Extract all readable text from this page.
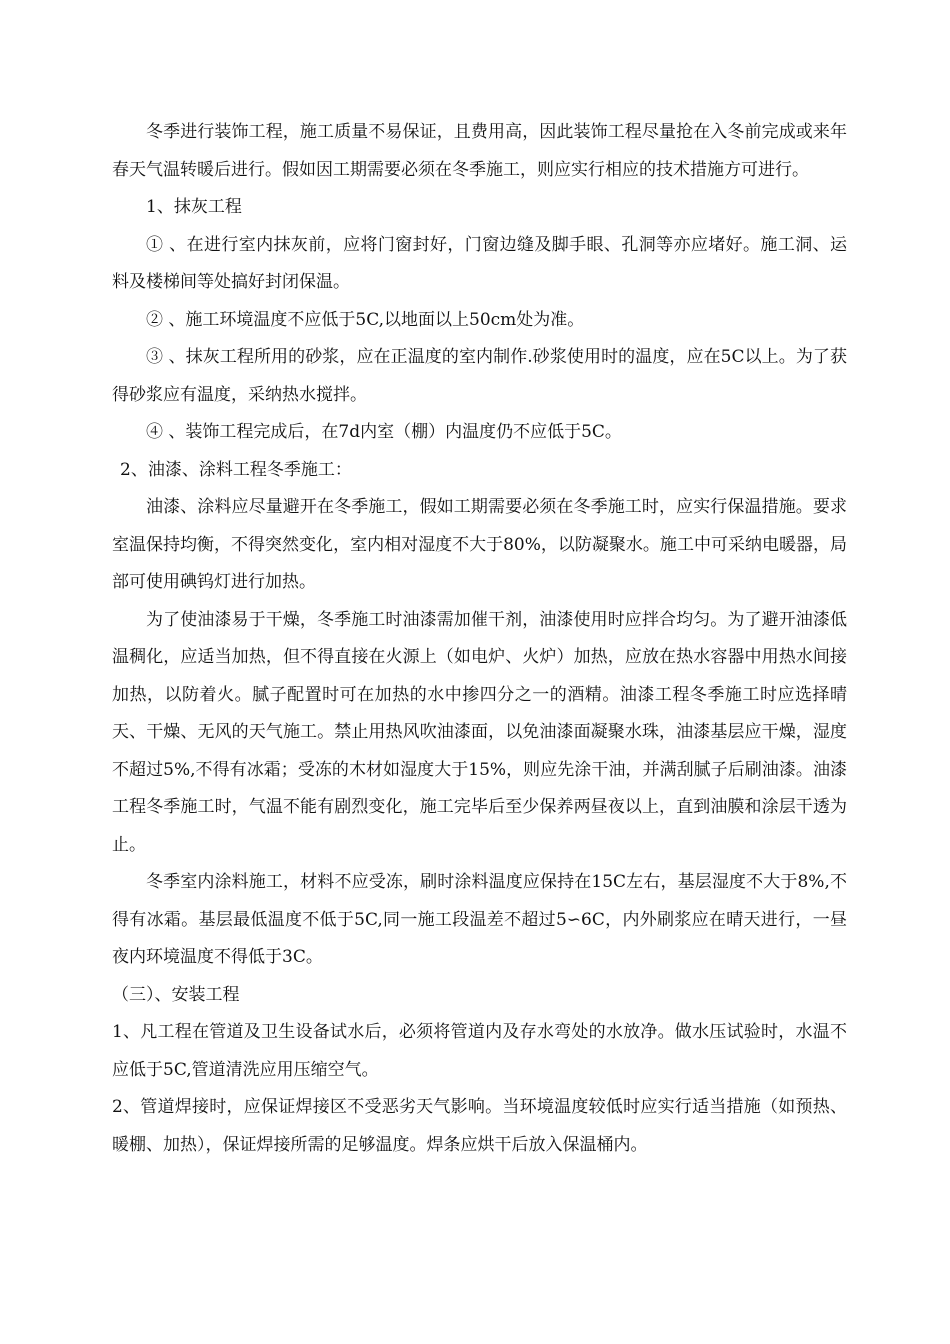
冬季进行装饰工程，施工质量不易保证，且费用高，因此装饰工程尽量抢在入冬前完成或来年春天气温转暖后进行。假如因工期需要必须在冬季施工，则应实行相应的技术措施方可进行。

1、抹灰工程

① 、在进行室内抹灰前，应将门窗封好，门窗边缝及脚手眼、孔洞等亦应堵好。施工洞、运料及楼梯间等处搞好封闭保温。

② 、施工环境温度不应低于5C,以地面以上50cm处为准。

③ 、抹灰工程所用的砂浆，应在正温度的室内制作.砂浆使用时的温度，应在5C以上。为了获得砂浆应有温度，采纳热水搅拌。

④ 、装饰工程完成后，在7d内室（棚）内温度仍不应低于5C。

2、油漆、涂料工程冬季施工：

油漆、涂料应尽量避开在冬季施工，假如工期需要必须在冬季施工时，应实行保温措施。要求室温保持均衡，不得突然变化，室内相对湿度不大于80%，以防凝聚水。施工中可采纳电暖器，局部可使用碘钨灯进行加热。

为了使油漆易于干燥，冬季施工时油漆需加催干剂，油漆使用时应拌合均匀。为了避开油漆低温稠化，应适当加热，但不得直接在火源上（如电炉、火炉）加热，应放在热水容器中用热水间接加热，以防着火。腻子配置时可在加热的水中掺四分之一的酒精。油漆工程冬季施工时应选择晴天、干燥、无风的天气施工。禁止用热风吹油漆面，以免油漆面凝聚水珠，油漆基层应干燥，湿度不超过5%,不得有冰霜；受冻的木材如湿度大于15%，则应先涂干油，并满刮腻子后刷油漆。油漆工程冬季施工时，气温不能有剧烈变化，施工完毕后至少保养两昼夜以上，直到油膜和涂层干透为止。

冬季室内涂料施工，材料不应受冻，刷时涂料温度应保持在15C左右，基层湿度不大于8%,不得有冰霜。基层最低温度不低于5C,同一施工段温差不超过5∽6C，内外刷浆应在晴天进行，一昼夜内环境温度不得低于3C。

（三）、安装工程

1、凡工程在管道及卫生设备试水后，必须将管道内及存水弯处的水放净。做水压试验时，水温不应低于5C,管道清洗应用压缩空气。

2、管道焊接时，应保证焊接区不受恶劣天气影响。当环境温度较低时应实行适当措施（如预热、暖棚、加热），保证焊接所需的足够温度。焊条应烘干后放入保温桶内。
